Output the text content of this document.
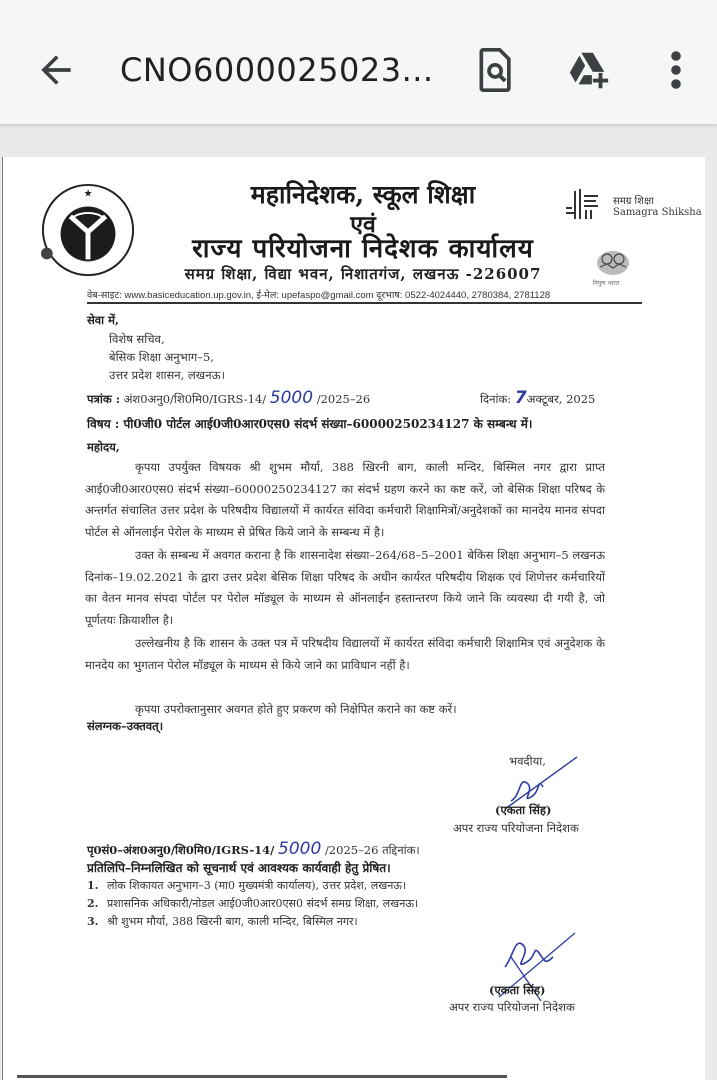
CNO6000025023...
★	महानिदेशक, स्कूल शिक्षा
एवं
राज्य परियोजना निदेशक कार्यालय
समग्र शिक्षा, विद्या भवन, निशातगंज, लखनऊ -226007
समग्र शिक्षा
Samagra Shiksha
निपुण भारत
वेब-साइट: www.basiceducation.up.gov.in, ई-मेल: upefaspo@gmail.com दूरभाष: 0522-4024440, 2780384, 2781128
सेवा में,
विशेष सचिव,
बेसिक शिक्षा अनुभाग–5,
उत्तर प्रदेश शासन, लखनऊ।
पत्रांक : अंश0अनु0/शि0मि0/IGRS-14/ 5000 /2025–26	दिनांक: 7अक्टूबर, 2025
विषय : पी0जी0 पोर्टल आई0जी0आर0एस0 संदर्भ संख्या–60000250234127 के सम्बन्ध में।
महोदय,
कृपया उपर्युक्त विषयक श्री शुभम मौर्या, 388 खिरनी बाग, काली मन्दिर, बिस्मिल नगर द्वारा प्राप्त आई0जी0आर0एस0 संदर्भ संख्या–60000250234127 का संदर्भ ग्रहण करने का कष्ट करें, जो बेसिक शिक्षा परिषद के अन्तर्गत संचालित उत्तर प्रदेश के परिषदीय विद्यालयों में कार्यरत संविदा कर्मचारी शिक्षामित्रों/अनुदेशकों का मानदेय मानव संपदा पोर्टल से ऑनलाईन पेरोल के माध्यम से प्रेषित किये जाने के सम्बन्ध में है।
उक्त के सम्बन्ध में अवगत कराना है कि शासनादेश संख्या–264/68–5–2001 बेकिस शिक्षा अनुभाग–5 लखनऊ दिनांक–19.02.2021 के द्वारा उत्तर प्रदेश बेसिक शिक्षा परिषद के अधीन कार्यरत परिषदीय शिक्षक एवं शिणेत्तर कर्मचारियों का वेतन मानव संपदा पोर्टल पर पेरोल मॉड्यूल के माध्यम से ऑनलाईन हस्तान्तरण किये जाने कि व्यवस्था दी गयी है, जो पूर्णतयः क्रियाशील है।
उल्लेखनीय है कि शासन के उक्त पत्र में परिषदीय विद्यालयों में कार्यरत संविदा कर्मचारी शिक्षामित्र एवं अनुदेशक के मानदेय का भुगतान पेरोल मॉड्यूल के माध्यम से किये जाने का प्राविधान नहीं है।
कृपया उपरोक्तानुसार अवगत होते हुए प्रकरण को निक्षेपित कराने का कष्ट करें।
संलग्नक–उक्तवत्।
भवदीया,
(एकता सिंह)
अपर राज्य परियोजना निदेशक
पृ0सं0–अंश0अनु0/शि0मि0/IGRS-14/ 5000 /2025–26 तद्दिनांक।
प्रतिलिपि–निम्नलिखित को सूचनार्थ एवं आवश्यक कार्यवाही हेतु प्रेषित।
1. लोक शिकायत अनुभाग–3 (मा0 मुख्यमंत्री कार्यालय), उत्तर प्रदेश, लखनऊ।
2. प्रशासनिक अधिकारी/नोडल आई0जी0आर0एस0 संदर्भ समग्र शिक्षा, लखनऊ।
3. श्री शुभम मौर्या, 388 खिरनी बाग, काली मन्दिर, बिस्मिल नगर।
(एकता सिंह)
अपर राज्य परियोजना निदेशक
